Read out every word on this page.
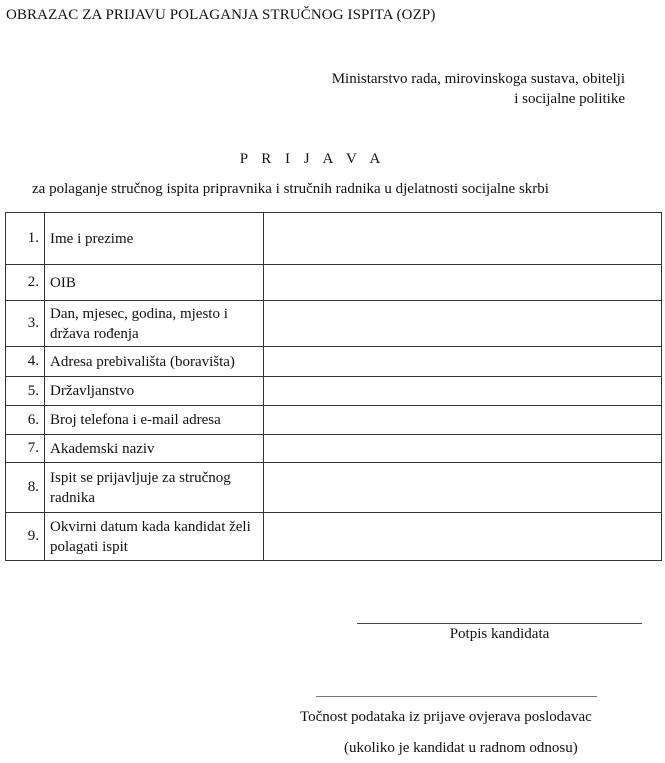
OBRAZAC ZA PRIJAVU POLAGANJA STRUČNOG ISPITA (OZP)
Ministarstvo rada, mirovinskoga sustava, obitelji
i socijalne politike
P R I J A V A
za polaganje stručnog ispita pripravnika i stručnih radnika u djelatnosti socijalne skrbi
1.	Ime i prezime	
2.	OIB	
3.	Dan, mjesec, godina, mjesto i država rođenja	
4.	Adresa prebivališta (boravišta)	
5.	Državljanstvo	
6.	Broj telefona i e-mail adresa	
7.	Akademski naziv	
8.	Ispit se prijavljuje za stručnog radnika	
9.	Okvirni datum kada kandidat želi polagati ispit	
Potpis kandidata
Točnost podataka iz prijave ovjerava poslodavac
(ukoliko je kandidat u radnom odnosu)
